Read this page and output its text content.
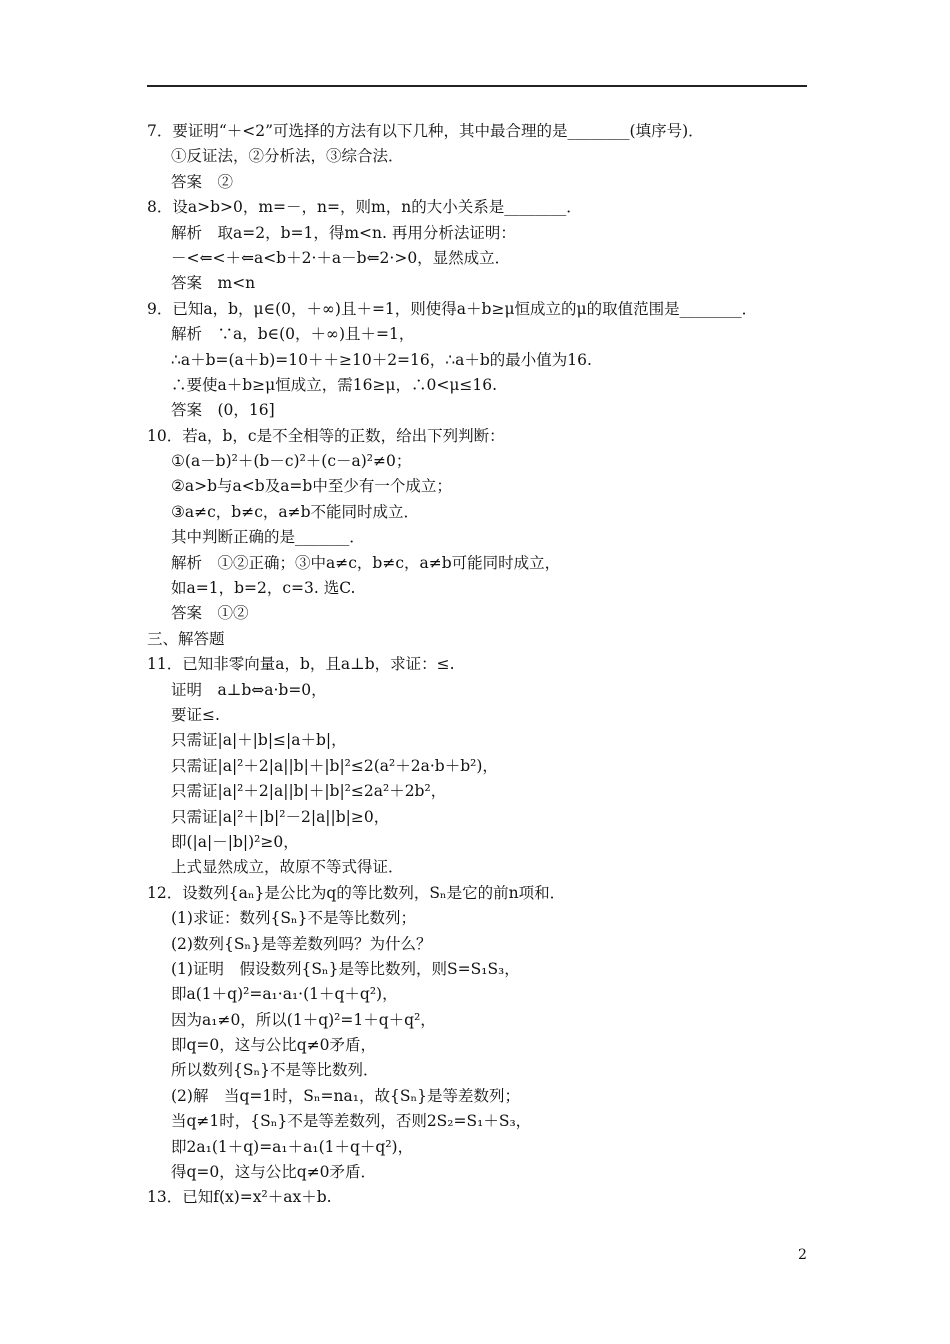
7．要证明“＋<2”可选择的方法有以下几种，其中最合理的是________(填序号)．
①反证法，②分析法，③综合法．
答案　②
8．设a>b>0，m=－，n=，则m，n的大小关系是________．
解析　取a=2，b=1，得m<n. 再用分析法证明：
－<⇐<＋⇐a<b＋2·＋a－b⇐2·>0，显然成立．
答案　m<n
9．已知a，b，μ∈(0，＋∞)且＋=1，则使得a＋b≥μ恒成立的μ的取值范围是________．
解析　∵a，b∈(0，＋∞)且＋=1，
∴a＋b=(a＋b)=10＋＋≥10＋2=16，∴a＋b的最小值为16.
∴要使a＋b≥μ恒成立，需16≥μ，∴0<μ≤16.
答案　(0，16]
10．若a，b，c是不全相等的正数，给出下列判断：
①(a－b)²＋(b－c)²＋(c－a)²≠0；
②a>b与a<b及a=b中至少有一个成立；
③a≠c，b≠c，a≠b不能同时成立．
其中判断正确的是_______．
解析　①②正确；③中a≠c，b≠c，a≠b可能同时成立，
如a=1，b=2，c=3. 选C.
答案　①②
三、解答题
11．已知非零向量a，b，且a⊥b，求证：≤.
证明　a⊥b⇔a·b=0，
要证≤.
只需证|a|＋|b|≤|a＋b|，
只需证|a|²＋2|a||b|＋|b|²≤2(a²＋2a·b＋b²)，
只需证|a|²＋2|a||b|＋|b|²≤2a²＋2b²，
只需证|a|²＋|b|²－2|a||b|≥0，
即(|a|－|b|)²≥0，
上式显然成立，故原不等式得证．
12．设数列{aₙ}是公比为q的等比数列，Sₙ是它的前n项和．
(1)求证：数列{Sₙ}不是等比数列；
(2)数列{Sₙ}是等差数列吗？为什么？
(1)证明　假设数列{Sₙ}是等比数列，则S=S₁S₃，
即a(1＋q)²=a₁·a₁·(1＋q＋q²)，
因为a₁≠0，所以(1＋q)²=1＋q＋q²，
即q=0，这与公比q≠0矛盾，
所以数列{Sₙ}不是等比数列．
(2)解　当q=1时，Sₙ=na₁，故{Sₙ}是等差数列；
当q≠1时，{Sₙ}不是等差数列，否则2S₂=S₁＋S₃，
即2a₁(1＋q)=a₁＋a₁(1＋q＋q²)，
得q=0，这与公比q≠0矛盾．
13．已知f(x)=x²＋ax＋b.
2
